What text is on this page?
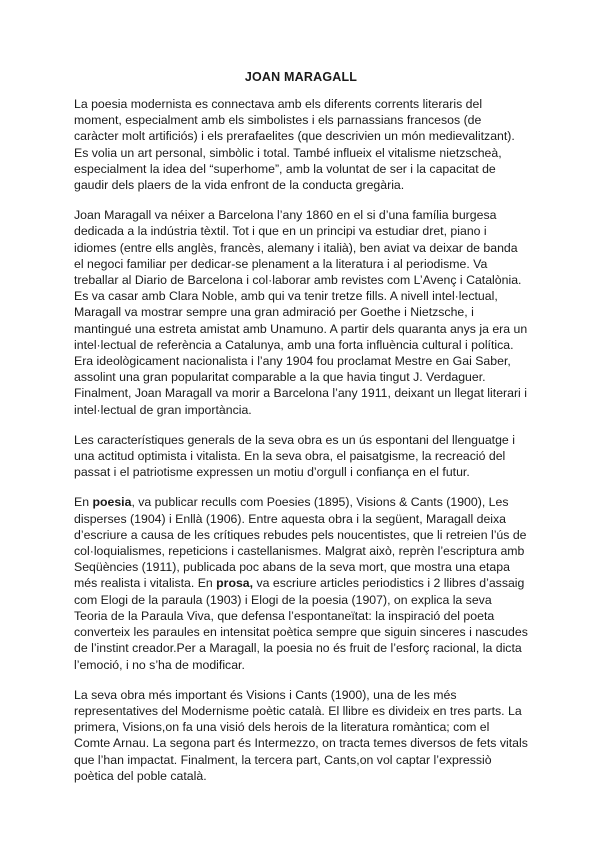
JOAN MARAGALL

La poesia modernista es connectava amb els diferents corrents literaris del moment, especialment amb els simbolistes i els parnassians francesos (de caràcter molt artificiós) i els prerafaelites (que descrivien un món medievalitzant). Es volia un art personal, simbòlic i total. També influeix el vitalisme nietzscheà, especialment la idea del “superhome”, amb la voluntat de ser i la capacitat de gaudir dels plaers de la vida enfront de la conducta gregària.

Joan Maragall va néixer a Barcelona l’any 1860 en el si d’una família burgesa dedicada a la indústria tèxtil. Tot i que en un principi va estudiar dret, piano i idiomes (entre ells anglès, francès, alemany i italià), ben aviat va deixar de banda el negoci familiar per dedicar-se plenament a la literatura i al periodisme. Va treballar al Diario de Barcelona i col·laborar amb revistes com L’Avenç i Catalònia. Es va casar amb Clara Noble, amb qui va tenir tretze fills. A nivell intel·lectual, Maragall va mostrar sempre una gran admiració per Goethe i Nietzsche, i mantingué una estreta amistat amb Unamuno. A partir dels quaranta anys ja era un intel·lectual de referència a Catalunya, amb una forta influència cultural i política. Era ideològicament nacionalista i l’any 1904 fou proclamat Mestre en Gai Saber, assolint una gran popularitat comparable a la que havia tingut J. Verdaguer. Finalment, Joan Maragall va morir a Barcelona l’any 1911, deixant un llegat literari i intel·lectual de gran importància.

Les característiques generals de la seva obra es un ús espontani del llenguatge i una actitud optimista i vitalista. En la seva obra, el paisatgisme, la recreació del passat i el patriotisme expressen un motiu d’orgull i confiança en el futur.

En poesia, va publicar reculls com Poesies (1895), Visions & Cants (1900), Les disperses (1904) i Enllà (1906). Entre aquesta obra i la següent, Maragall deixa d’escriure a causa de les crítiques rebudes pels noucentistes, que li retreien l’ús de col·loquialismes, repeticions i castellanismes. Malgrat això, reprèn l’escriptura amb Seqüències (1911), publicada poc abans de la seva mort, que mostra una etapa més realista i vitalista. En prosa, va escriure articles periodistics i 2 llibres d’assaig com Elogi de la paraula (1903) i Elogi de la poesia (1907), on explica la seva Teoria de la Paraula Viva, que defensa l’espontaneïtat: la inspiració del poeta converteix les paraules en intensitat poètica sempre que siguin sinceres i nascudes de l’instint creador.Per a Maragall, la poesia no és fruit de l’esforç racional, la dicta l’emoció, i no s’ha de modificar.

La seva obra més important és Visions i Cants (1900), una de les més representatives del Modernisme poètic català. El llibre es divideix en tres parts. La primera, Visions,on fa una visió dels herois de la literatura romàntica; com el Comte Arnau. La segona part és Intermezzo, on tracta temes diversos de fets vitals que l’han impactat. Finalment, la tercera part, Cants,on vol captar l’expressiò poètica del poble català.
